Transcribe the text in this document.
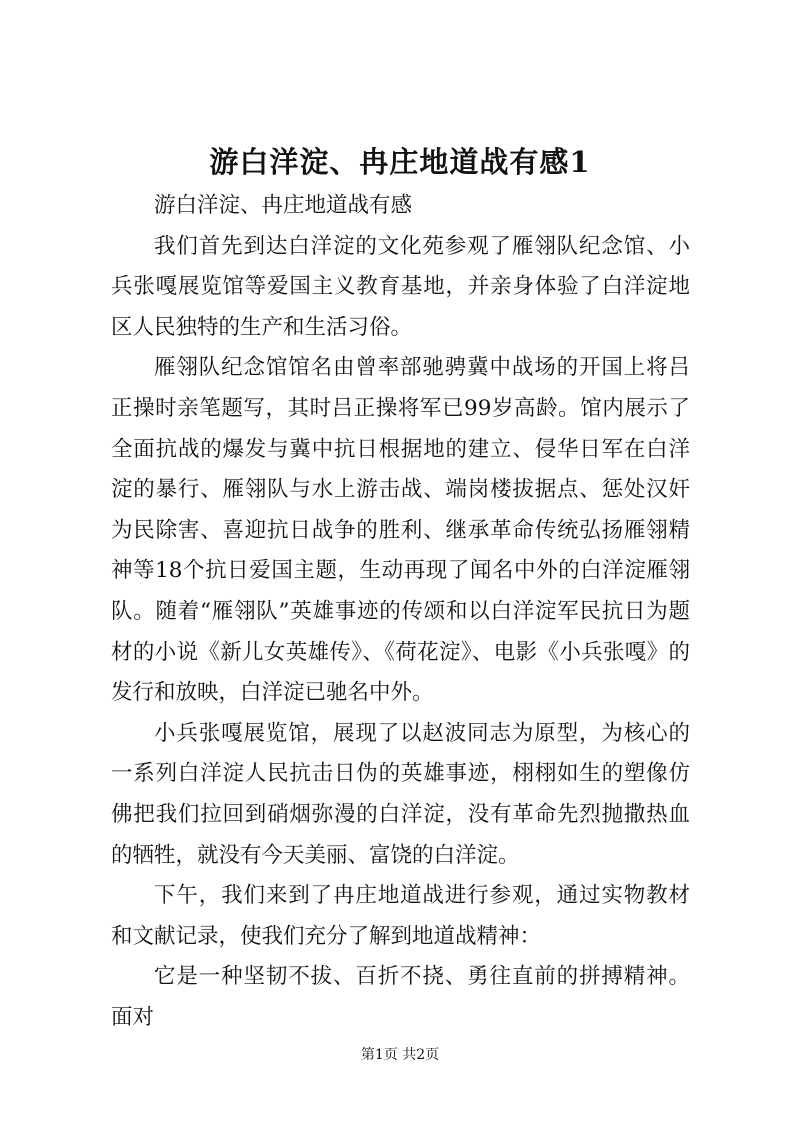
游白洋淀、冉庄地道战有感1

游白洋淀、冉庄地道战有感

我们首先到达白洋淀的文化苑参观了雁翎队纪念馆、小兵张嘎展览馆等爱国主义教育基地，并亲身体验了白洋淀地区人民独特的生产和生活习俗。

雁翎队纪念馆馆名由曾率部驰骋冀中战场的开国上将吕正操时亲笔题写，其时吕正操将军已99岁高龄。馆内展示了全面抗战的爆发与冀中抗日根据地的建立、侵华日军在白洋淀的暴行、雁翎队与水上游击战、端岗楼拔据点、惩处汉奸为民除害、喜迎抗日战争的胜利、继承革命传统弘扬雁翎精神等18个抗日爱国主题，生动再现了闻名中外的白洋淀雁翎队。随着“雁翎队”英雄事迹的传颂和以白洋淀军民抗日为题材的小说《新儿女英雄传》、《荷花淀》、电影《小兵张嘎》的发行和放映，白洋淀已驰名中外。

小兵张嘎展览馆，展现了以赵波同志为原型，为核心的一系列白洋淀人民抗击日伪的英雄事迹，栩栩如生的塑像仿佛把我们拉回到硝烟弥漫的白洋淀，没有革命先烈抛撒热血的牺牲，就没有今天美丽、富饶的白洋淀。

下午，我们来到了冉庄地道战进行参观，通过实物教材和文献记录，使我们充分了解到地道战精神：

它是一种坚韧不拔、百折不挠、勇往直前的拼搏精神。面对

第1页 共2页
